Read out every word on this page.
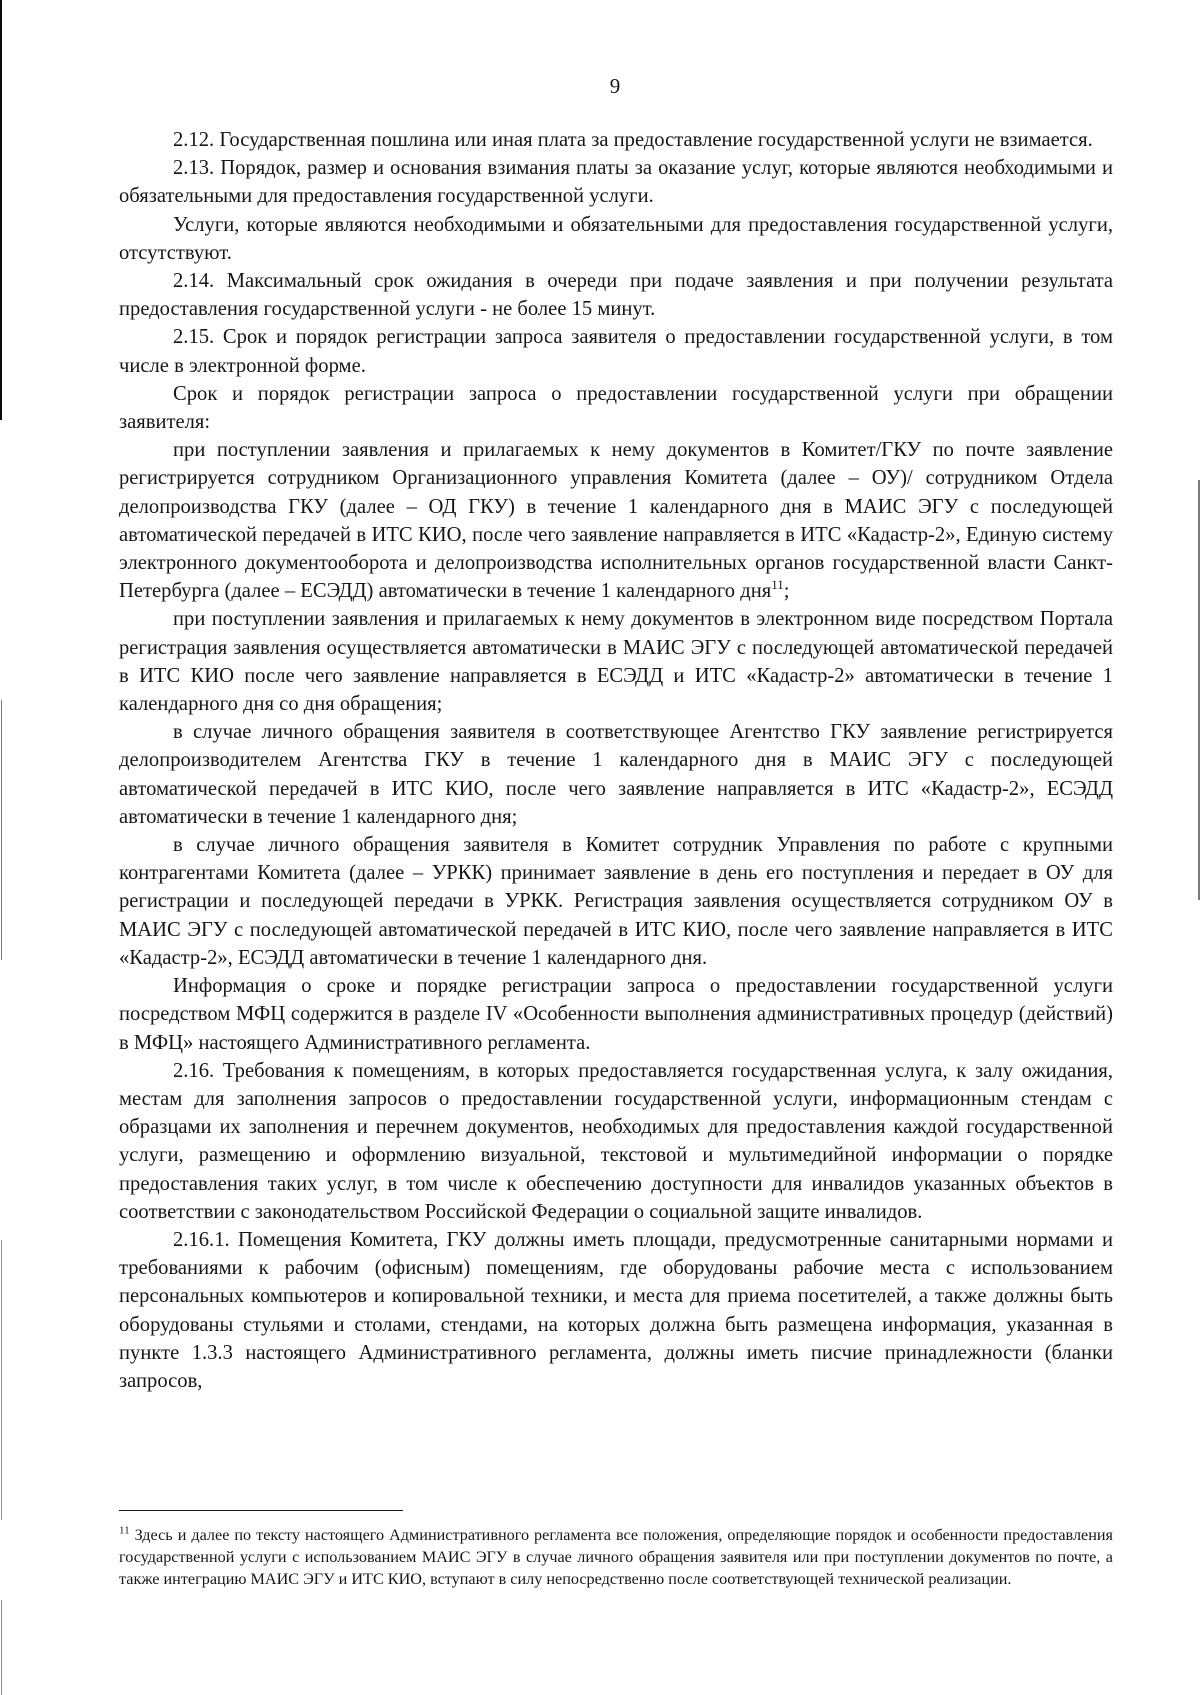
9

2.12. Государственная пошлина или иная плата за предоставление государственной услуги не взимается.

2.13. Порядок, размер и основания взимания платы за оказание услуг, которые являются необходимыми и обязательными для предоставления государственной услуги.

Услуги, которые являются необходимыми и обязательными для предоставления государственной услуги, отсутствуют.

2.14. Максимальный срок ожидания в очереди при подаче заявления и при получении результата предоставления государственной услуги - не более 15 минут.

2.15. Срок и порядок регистрации запроса заявителя о предоставлении государственной услуги, в том числе в электронной форме.

Срок и порядок регистрации запроса о предоставлении государственной услуги при обращении заявителя:

при поступлении заявления и прилагаемых к нему документов в Комитет/ГКУ по почте заявление регистрируется сотрудником Организационного управления Комитета (далее – ОУ)/ сотрудником Отдела делопроизводства ГКУ (далее – ОД ГКУ) в течение 1 календарного дня в МАИС ЭГУ с последующей автоматической передачей в ИТС КИО, после чего заявление направляется в ИТС «Кадастр-2», Единую систему электронного документооборота и делопроизводства исполнительных органов государственной власти Санкт-Петербурга (далее – ЕСЭДД) автоматически в течение 1 календарного дня$^{11}$;

при поступлении заявления и прилагаемых к нему документов в электронном виде посредством Портала регистрация заявления осуществляется автоматически в МАИС ЭГУ с последующей автоматической передачей в ИТС КИО после чего заявление направляется в ЕСЭДД и ИТС «Кадастр-2» автоматически в течение 1 календарного дня со дня обращения;

в случае личного обращения заявителя в соответствующее Агентство ГКУ заявление регистрируется делопроизводителем Агентства ГКУ в течение 1 календарного дня в МАИС ЭГУ с последующей автоматической передачей в ИТС КИО, после чего заявление направляется в ИТС «Кадастр-2», ЕСЭДД автоматически в течение 1 календарного дня;

в случае личного обращения заявителя в Комитет сотрудник Управления по работе с крупными контрагентами Комитета (далее – УРКК) принимает заявление в день его поступления и передает в ОУ для регистрации и последующей передачи в УРКК. Регистрация заявления осуществляется сотрудником ОУ в МАИС ЭГУ с последующей автоматической передачей в ИТС КИО, после чего заявление направляется в ИТС «Кадастр-2», ЕСЭДД автоматически в течение 1 календарного дня.

Информация о сроке и порядке регистрации запроса о предоставлении государственной услуги посредством МФЦ содержится в разделе IV «Особенности выполнения административных процедур (действий) в МФЦ» настоящего Административного регламента.

2.16. Требования к помещениям, в которых предоставляется государственная услуга, к залу ожидания, местам для заполнения запросов о предоставлении государственной услуги, информационным стендам с образцами их заполнения и перечнем документов, необходимых для предоставления каждой государственной услуги, размещению и оформлению визуальной, текстовой и мультимедийной информации о порядке предоставления таких услуг, в том числе к обеспечению доступности для инвалидов указанных объектов в соответствии с законодательством Российской Федерации о социальной защите инвалидов.

2.16.1. Помещения Комитета, ГКУ должны иметь площади, предусмотренные санитарными нормами и требованиями к рабочим (офисным) помещениям, где оборудованы рабочие места с использованием персональных компьютеров и копировальной техники, и места для приема посетителей, а также должны быть оборудованы стульями и столами, стендами, на которых должна быть размещена информация, указанная в пункте 1.3.3 настоящего Административного регламента, должны иметь писчие принадлежности (бланки запросов,

$^{11}$ Здесь и далее по тексту настоящего Административного регламента все положения, определяющие порядок и особенности предоставления государственной услуги с использованием МАИС ЭГУ в случае личного обращения заявителя или при поступлении документов по почте, а также интеграцию МАИС ЭГУ и ИТС КИО, вступают в силу непосредственно после соответствующей технической реализации.
